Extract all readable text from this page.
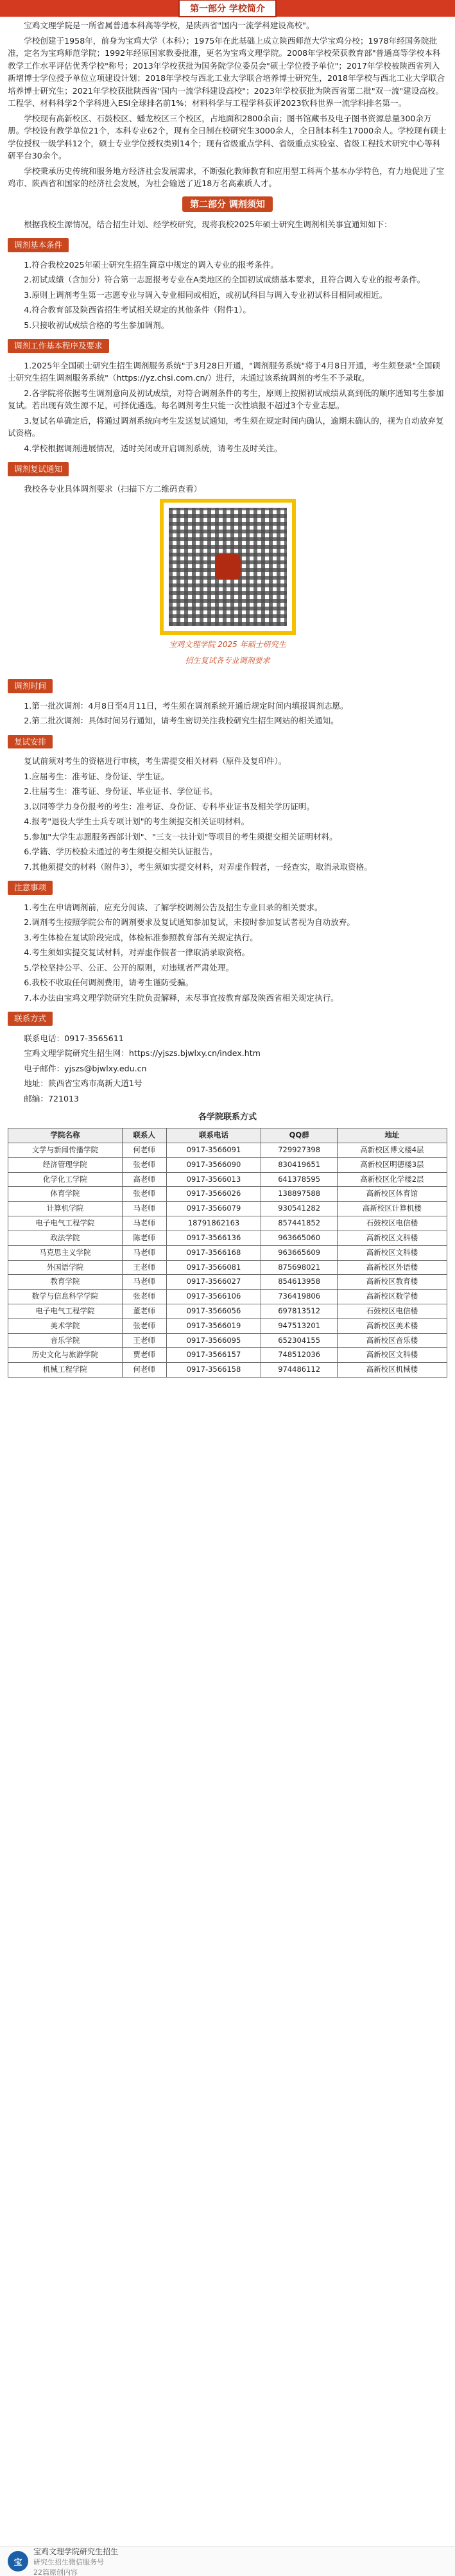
第一部分 学校简介

宝鸡文理学院是一所省属普通本科高等学校，是陕西省"国内一流学科建设高校"。

学校创建于1958年，前身为宝鸡大学（本科）；1975年在此基础上成立陕西师范大学宝鸡分校；1978年经国务院批准，定名为宝鸡师范学院；1992年经原国家教委批准，更名为宝鸡文理学院。2008年学校荣获教育部"普通高等学校本科教学工作水平评估优秀学校"称号；2013年学校获批为国务院学位委员会"硕士学位授予单位"；2017年学校被陕西省列入新增博士学位授予单位立项建设计划；2018年学校与西北工业大学联合培养博士研究生，2018年学校与西北工业大学联合培养博士研究生；2021年学校获批陕西省"国内一流学科建设高校"；2023年学校获批为陕西省第二批"双一流"建设高校。工程学、材料科学2个学科进入ESI全球排名前1%；材料科学与工程学科获评2023软科世界一流学科排名第一。

学校现有高新校区、石鼓校区、蟠龙校区三个校区，占地面积2800余亩；图书馆藏书及电子图书资源总量300余万册。学校设有教学单位21个，本科专业62个，现有全日制在校研究生3000余人，全日制本科生17000余人。学校现有硕士学位授权一级学科12个，硕士专业学位授权类别14个；现有省级重点学科、省级重点实验室、省级工程技术研究中心等科研平台30余个。

学校秉承历史传统和服务地方经济社会发展需求，不断强化教师教育和应用型工科两个基本办学特色，有力地促进了宝鸡市、陕西省和国家的经济社会发展，为社会输送了近18万名高素质人才。

第二部分 调剂须知

根据我校生源情况，结合招生计划、经学校研究，现将我校2025年硕士研究生调剂相关事宜通知如下：

调剂基本条件

1.符合我校2025年硕士研究生招生简章中规定的调入专业的报考条件。

2.初试成绩（含加分）符合第一志愿报考专业在A类地区的全国初试成绩基本要求，且符合调入专业的报考条件。

3.原则上调剂考生第一志愿专业与调入专业相同或相近，或初试科目与调入专业初试科目相同或相近。

4.符合教育部及陕西省招生考试相关规定的其他条件（附件1）。

5.只接收初试成绩合格的考生参加调剂。

调剂工作基本程序及要求

1.2025年全国硕士研究生招生调剂服务系统"于3月28日开通，"调剂服务系统"将于4月8日开通，考生须登录"全国硕士研究生招生调剂服务系统"（https://yz.chsi.com.cn/）进行，未通过该系统调剂的考生不予录取。

2.各学院将依据考生调剂意向及初试成绩，对符合调剂条件的考生，原则上按照初试成绩从高到低的顺序通知考生参加复试。若出现有效生源不足，可择优遴选。每名调剂考生只能一次性填报不超过3个专业志愿。

3.复试名单确定后，将通过调剂系统向考生发送复试通知，考生须在规定时间内确认，逾期未确认的，视为自动放弃复试资格。

4.学校根据调剂进展情况，适时关闭或开启调剂系统，请考生及时关注。

调剂复试通知

我校各专业具体调剂要求（扫描下方二维码查看）

宝鸡文理学院 2025 年硕士研究生
招生复试各专业调剂要求
调剂时间

1.第一批次调剂：4月8日至4月11日，考生须在调剂系统开通后规定时间内填报调剂志愿。

2.第二批次调剂：具体时间另行通知，请考生密切关注我校研究生招生网站的相关通知。

复试安排

复试前须对考生的资格进行审核，考生需提交相关材料（原件及复印件）。

1.应届考生：准考证、身份证、学生证。

2.往届考生：准考证、身份证、毕业证书、学位证书。

3.以同等学力身份报考的考生：准考证、身份证、专科毕业证书及相关学历证明。

4.报考"退役大学生士兵专项计划"的考生须提交相关证明材料。

5.参加"大学生志愿服务西部计划"、"三支一扶计划"等项目的考生须提交相关证明材料。

6.学籍、学历校验未通过的考生须提交相关认证报告。

7.其他须提交的材料（附件3），考生须如实提交材料，对弄虚作假者，一经查实，取消录取资格。

注意事项

1.考生在申请调剂前，应充分阅读、了解学校调剂公告及招生专业目录的相关要求。

2.调剂考生按照学院公布的调剂要求及复试通知参加复试，未按时参加复试者视为自动放弃。

3.考生体检在复试阶段完成，体检标准参照教育部有关规定执行。

4.考生须如实提交复试材料，对弄虚作假者一律取消录取资格。

5.学校坚持公平、公正、公开的原则，对违规者严肃处理。

6.我校不收取任何调剂费用，请考生谨防受骗。

7.本办法由宝鸡文理学院研究生院负责解释，未尽事宜按教育部及陕西省相关规定执行。

联系方式

联系电话：0917-3565611

宝鸡文理学院研究生招生网：https://yjszs.bjwlxy.cn/index.htm

电子邮件：yjszs@bjwlxy.edu.cn

地址：陕西省宝鸡市高新大道1号

邮编：721013

各学院联系方式
学院名称	联系人	联系电话	QQ群	地址
文学与新闻传播学院	何老师	0917-3566091	729927398	高新校区博文楼4层
经济管理学院	张老师	0917-3566090	830419651	高新校区明德楼3层
化学化工学院	高老师	0917-3566013	641378595	高新校区化学楼2层
体育学院	张老师	0917-3566026	138897588	高新校区体育馆
计算机学院	马老师	0917-3566079	930541282	高新校区计算机楼
电子电气工程学院	马老师	18791862163	857441852	石鼓校区电信楼
政法学院	陈老师	0917-3566136	963665060	高新校区文科楼
马克思主义学院	马老师	0917-3566168	963665609	高新校区文科楼
外国语学院	王老师	0917-3566081	875698021	高新校区外语楼
教育学院	马老师	0917-3566027	854613958	高新校区教育楼
数学与信息科学学院	张老师	0917-3566106	736419806	高新校区数学楼
电子电气工程学院	董老师	0917-3566056	697813512	石鼓校区电信楼
美术学院	张老师	0917-3566019	947513201	高新校区美术楼
音乐学院	王老师	0917-3566095	652304155	高新校区音乐楼
历史文化与旅游学院	贾老师	0917-3566157	748512036	高新校区文科楼
机械工程学院	何老师	0917-3566158	974486112	高新校区机械楼
宝
宝鸡文理学院研究生招生
研究生招生微信服务号
22篇原创内容
